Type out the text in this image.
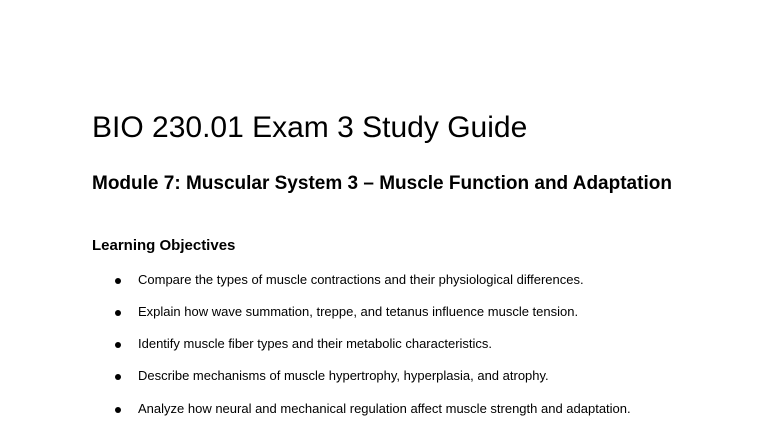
BIO 230.01 Exam 3 Study Guide
Module 7: Muscular System 3 – Muscle Function and Adaptation
Learning Objectives
Compare the types of muscle contractions and their physiological differences.
Explain how wave summation, treppe, and tetanus influence muscle tension.
Identify muscle fiber types and their metabolic characteristics.
Describe mechanisms of muscle hypertrophy, hyperplasia, and atrophy.
Analyze how neural and mechanical regulation affect muscle strength and adaptation.
